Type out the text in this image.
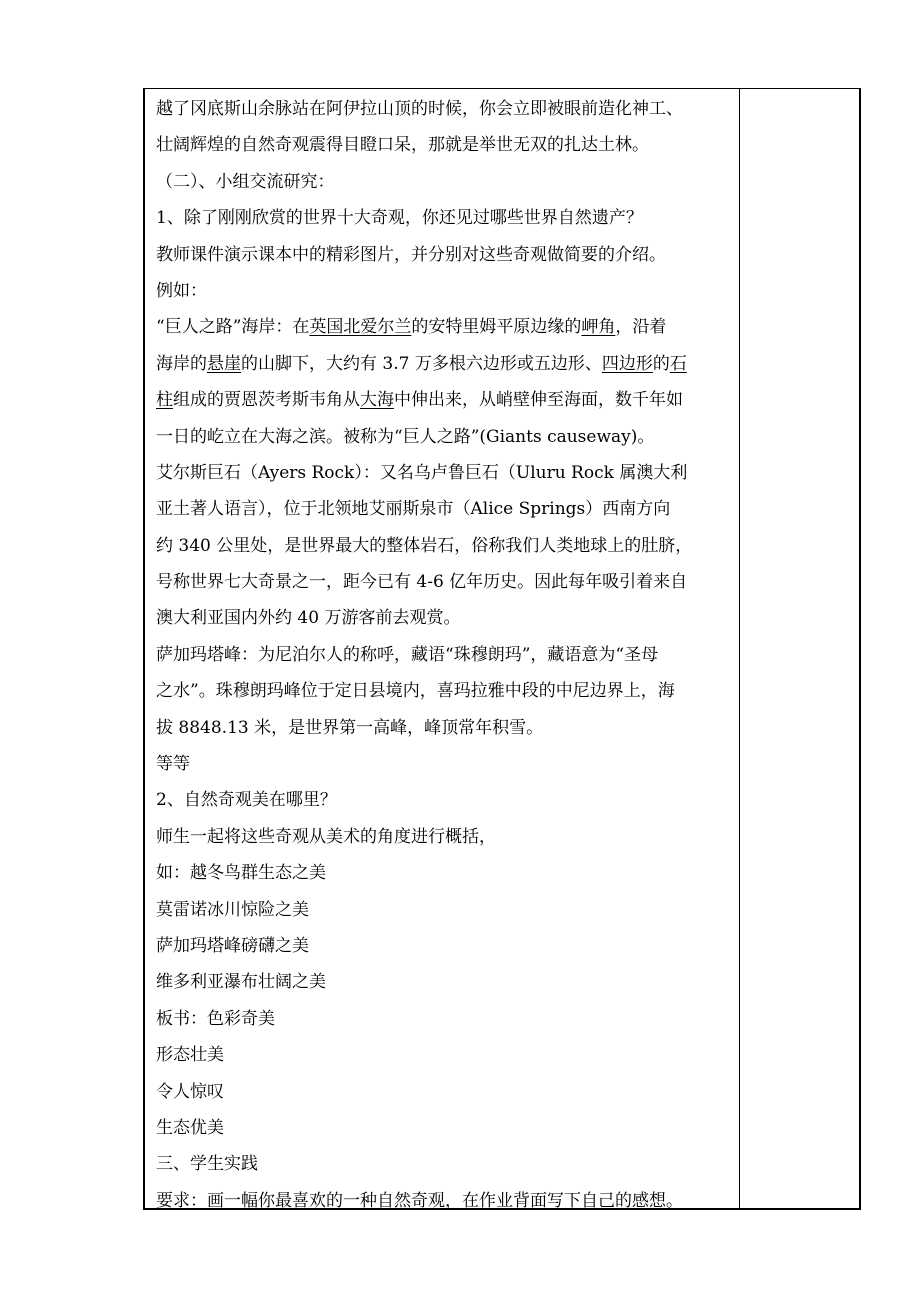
越了冈底斯山余脉站在阿伊拉山顶的时候，你会立即被眼前造化神工、
壮阔辉煌的自然奇观震得目瞪口呆，那就是举世无双的扎达土林。
（二）、小组交流研究：
1、除了刚刚欣赏的世界十大奇观，你还见过哪些世界自然遗产？
教师课件演示课本中的精彩图片，并分别对这些奇观做简要的介绍。
例如：
“巨人之路”海岸：在英国北爱尔兰的安特里姆平原边缘的岬角，沿着
海岸的悬崖的山脚下，大约有 3.7 万多根六边形或五边形、四边形的石
柱组成的贾恩茨考斯韦角从大海中伸出来，从峭壁伸至海面，数千年如
一日的屹立在大海之滨。被称为“巨人之路”(Giants causeway)。
艾尔斯巨石（Ayers Rock）：又名乌卢鲁巨石（Uluru Rock 属澳大利
亚土著人语言），位于北领地艾丽斯泉市（Alice Springs）西南方向
约 340 公里处，是世界最大的整体岩石，俗称我们人类地球上的肚脐，
号称世界七大奇景之一，距今已有 4-6 亿年历史。因此每年吸引着来自
澳大利亚国内外约 40 万游客前去观赏。
萨加玛塔峰：为尼泊尔人的称呼，藏语“珠穆朗玛”，藏语意为“圣母
之水”。珠穆朗玛峰位于定日县境内，喜玛拉雅中段的中尼边界上，海
拔 8848.13 米，是世界第一高峰，峰顶常年积雪。
等等
2、自然奇观美在哪里？
师生一起将这些奇观从美术的角度进行概括，
如：越冬鸟群生态之美
莫雷诺冰川惊险之美
萨加玛塔峰磅礴之美
维多利亚瀑布壮阔之美
板书：色彩奇美
形态壮美
令人惊叹
生态优美
三、学生实践
要求：画一幅你最喜欢的一种自然奇观，在作业背面写下自己的感想。
